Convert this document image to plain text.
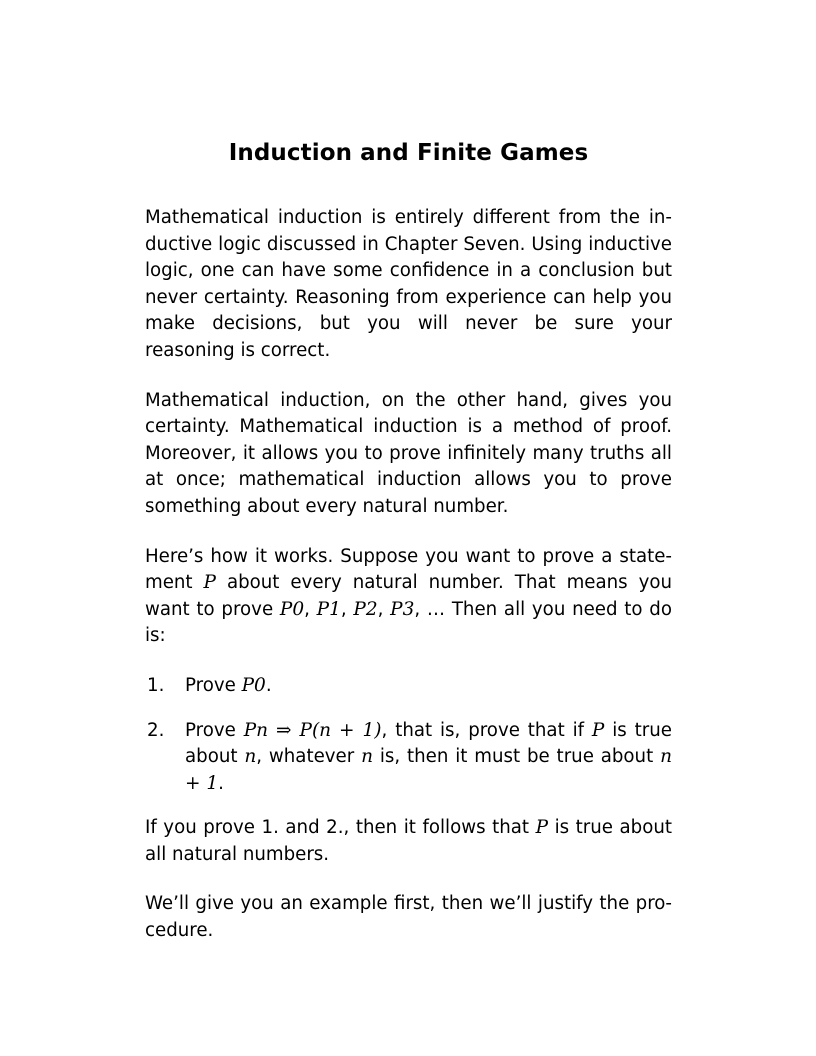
Induction and Finite Games

Mathematical induction is entirely different from the inductive logic discussed in Chapter Seven. Using inductive logic, one can have some confidence in a conclusion but never certainty. Reasoning from experience can help you make decisions, but you will never be sure your reasoning is correct.

Mathematical induction, on the other hand, gives you certainty. Mathematical induction is a method of proof. Moreover, it allows you to prove infinitely many truths all at once; mathematical induction allows you to prove something about every natural number.

Here’s how it works. Suppose you want to prove a statement P about every natural number. That means you want to prove P0, P1, P2, P3, … Then all you need to do is:

1.	Prove P0.
2.	Prove Pn ⇒ P(n + 1), that is, prove that if P is true about n, whatever n is, then it must be true about n + 1.

If you prove 1. and 2., then it follows that P is true about all natural numbers.

We’ll give you an example first, then we’ll justify the procedure.
